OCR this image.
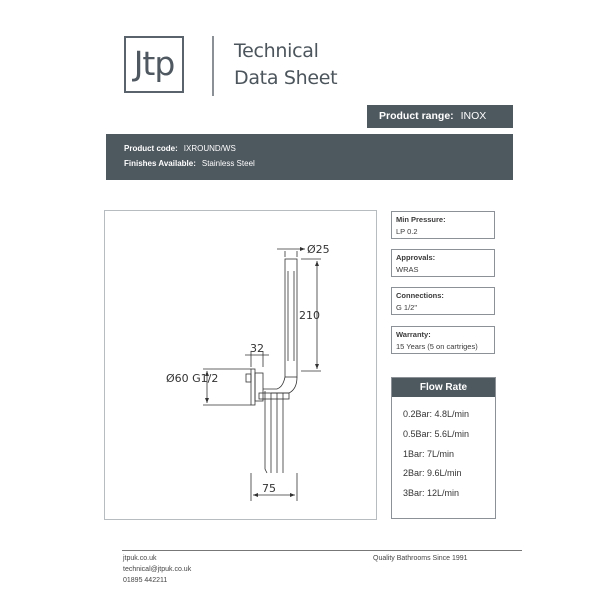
Jtp	Technical
Data Sheet
Product range: INOX
Product code: IXROUND/WS
Finishes Available: Stainless Steel
Ø25
210
32
Ø60 G1/2
75
Min Pressure:
LP 0.2
Approvals:
WRAS
Connections:
G 1/2"
Warranty:
15 Years (5 on cartriges)
Flow Rate
0.2Bar: 4.8L/min
0.5Bar: 5.6L/min
1Bar: 7L/min
2Bar: 9.6L/min
3Bar: 12L/min
jtpuk.co.uk
technical@jtpuk.co.uk
01895 442211
Quality Bathrooms Since 1991
